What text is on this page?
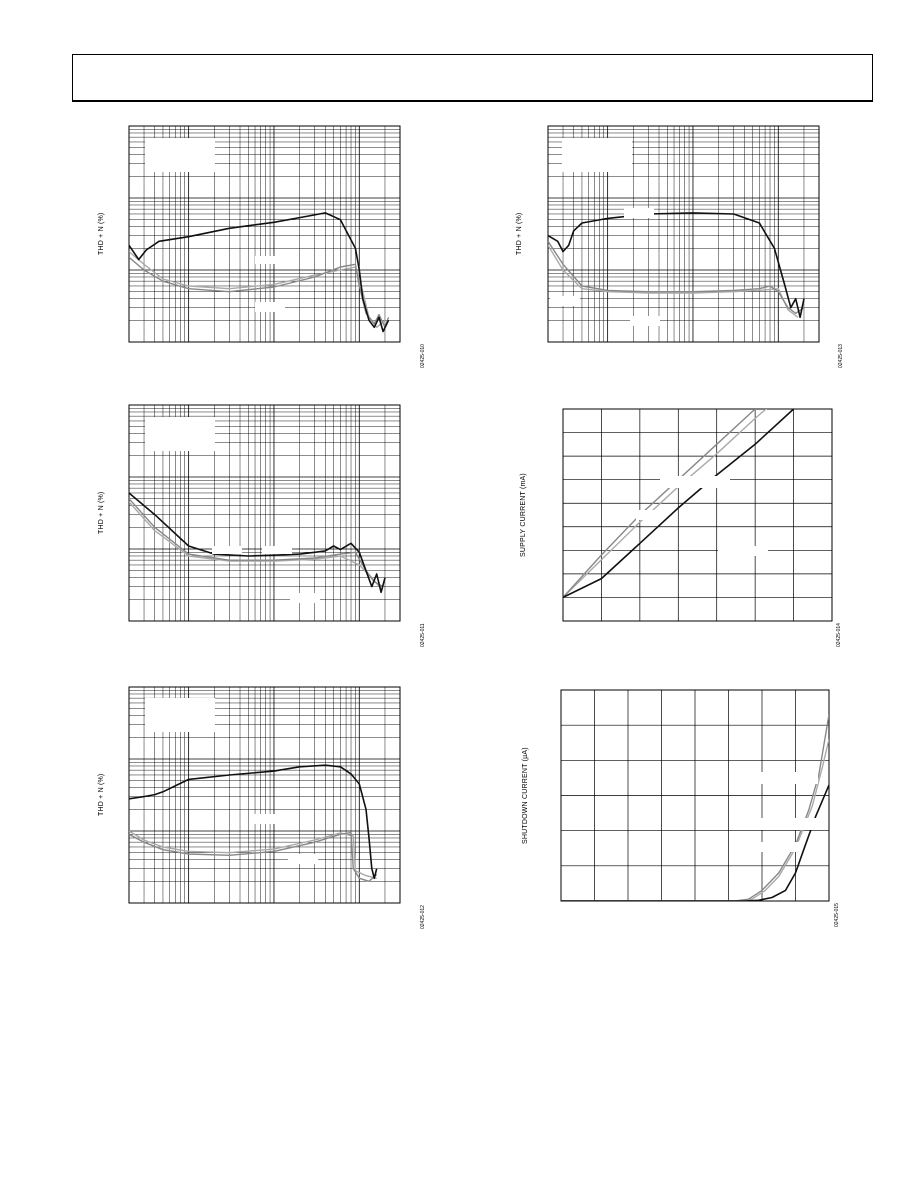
THD + N (%)
02425-010
THD + N (%)
02425-011
THD + N (%)
02425-012
THD + N (%)
02425-013
SUPPLY CURRENT (mA)
02425-014
SHUTDOWN CURRENT (µA)
02425-015
